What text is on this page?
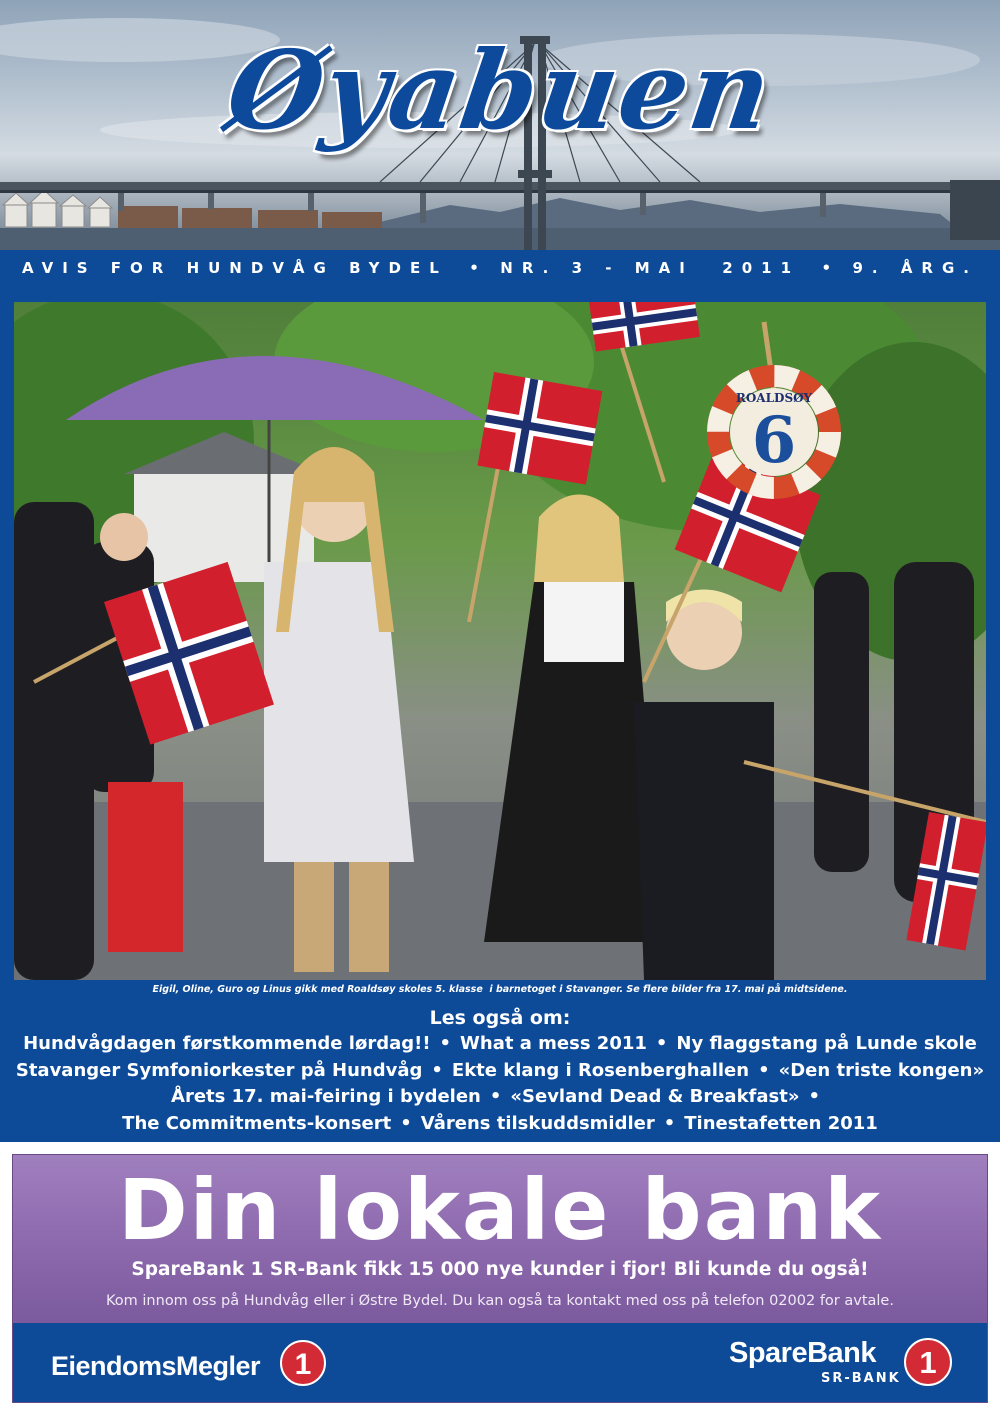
Øyabuen
AVIS FOR HUNDVÅG BYDEL • NR. 3 - MAI  2011 • 9. ÅRG.
ROALDSØY
6
Eigil, Oline, Guro og Linus gikk med Roaldsøy skoles 5. klasse  i barnetoget i Stavanger. Se flere bilder fra 17. mai på midtsidene.
Les også om:
Hundvågdagen førstkommende lørdag!! • What a mess 2011 • Ny flaggstang på Lunde skole
Stavanger Symfoniorkester på Hundvåg • Ekte klang i Rosenberghallen • «Den triste kongen»
Årets 17. mai-feiring i bydelen • «Sevland Dead & Breakfast» •
The Commitments-konsert • Vårens tilskuddsmidler • Tinestafetten 2011
Din lokale bank
SpareBank 1 SR-Bank fikk 15 000 nye kunder i fjor! Bli kunde du også!
Kom innom oss på Hundvåg eller i Østre Bydel. Du kan også ta kontakt med oss på telefon 02002 for avtale.
EiendomsMegler 1	SpareBank
SR-BANK 1
